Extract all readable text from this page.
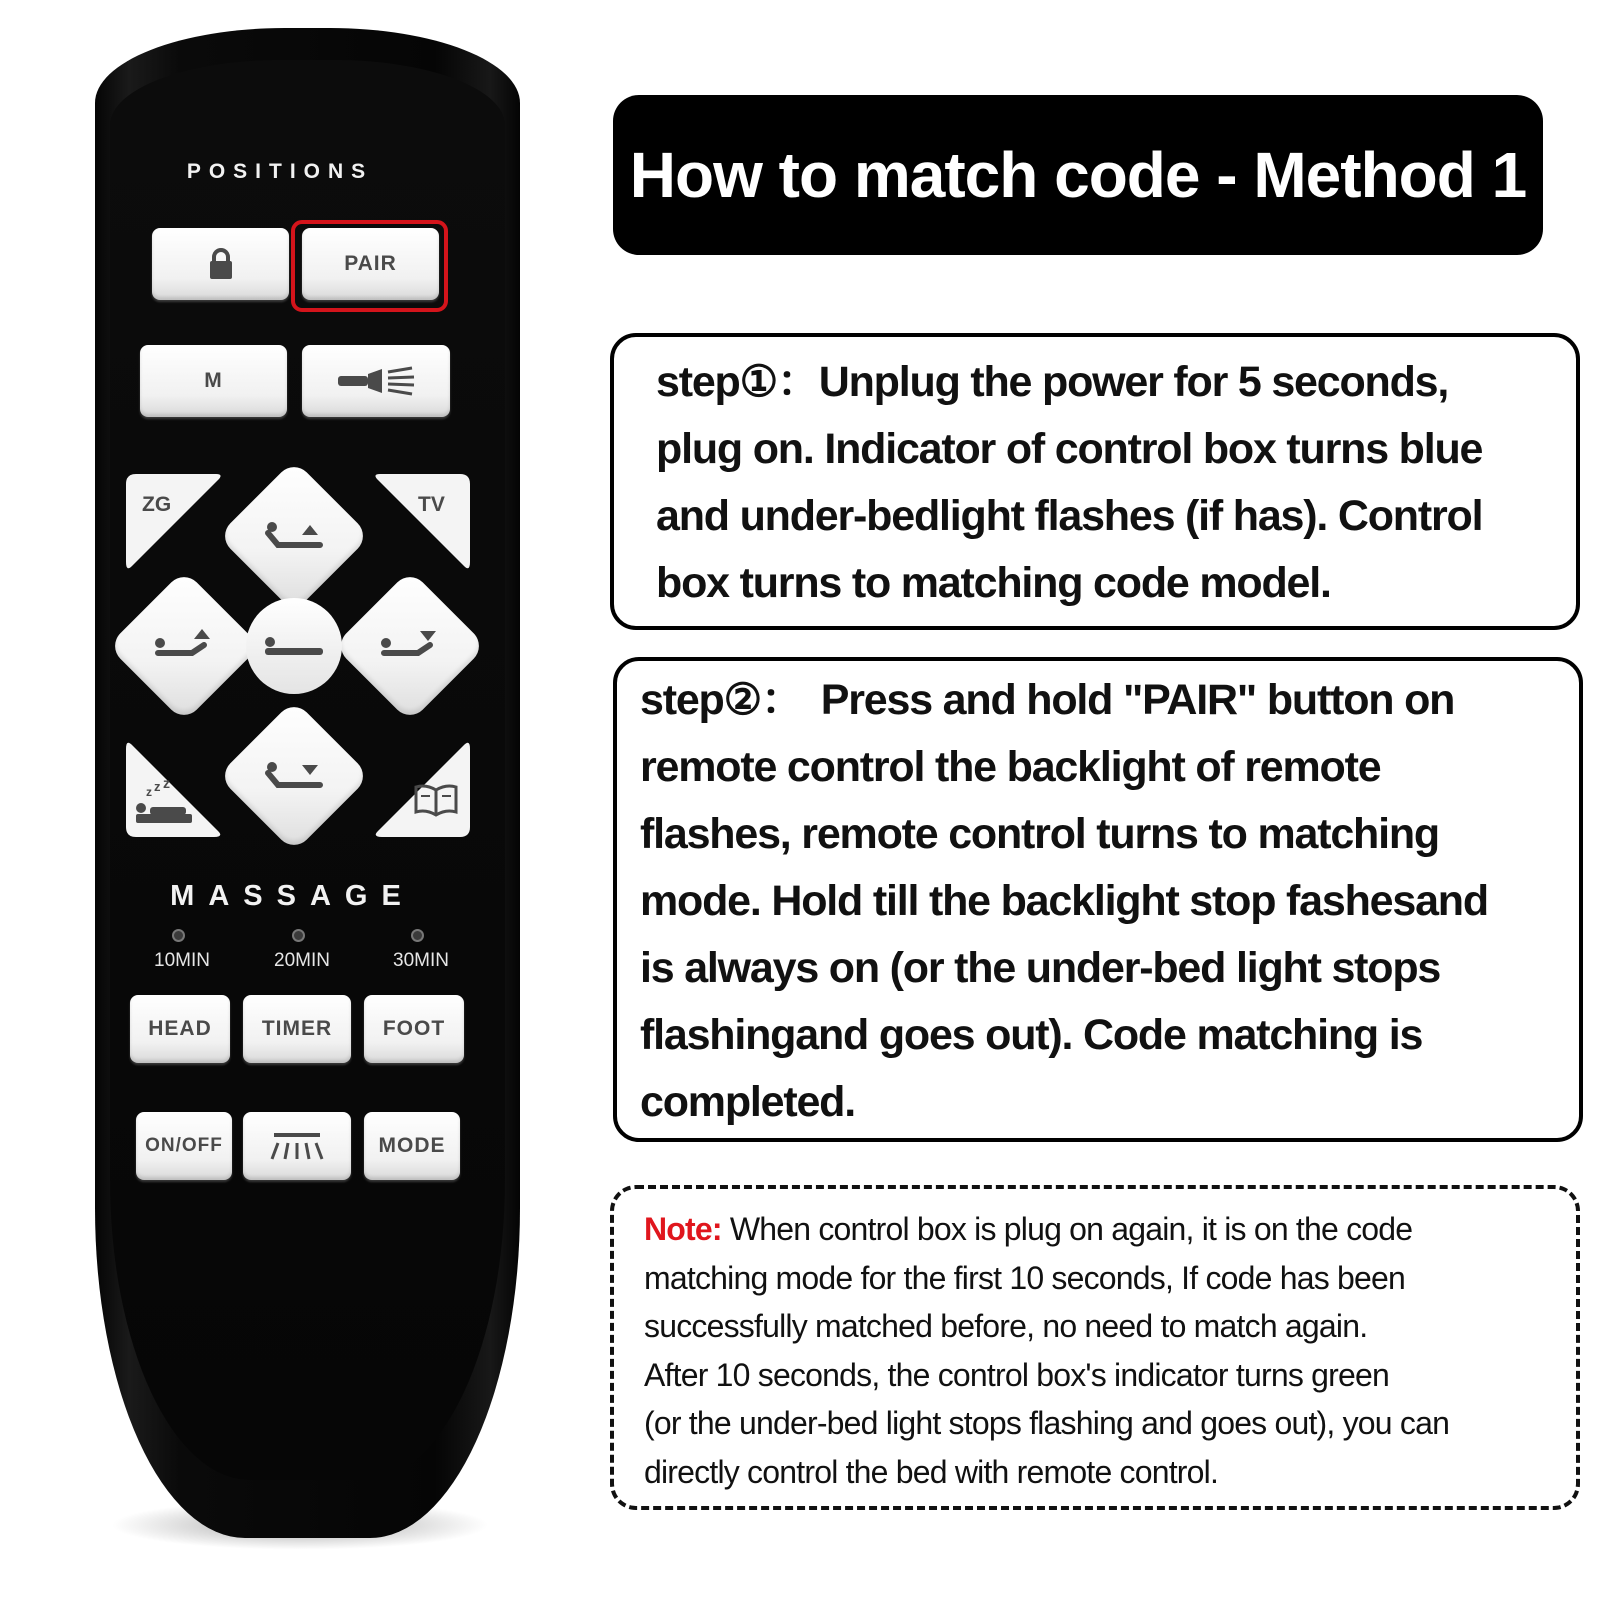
POSITIONS
PAIR
M
ZG	TV
z z z
MASSAGE
10MIN	20MIN	30MIN
HEAD TIMER FOOT
ON/OFF	MODE
How to match code - Method 1

step①：Unplug the power for 5 seconds,
plug on. Indicator of control box turns blue
and under-bedlight flashes (if has). Control
box turns to matching code model.

step②： Press and hold "PAIR" button on
remote control the backlight of remote
flashes, remote control turns to matching
mode. Hold till the backlight stop fashesand
is always on (or the under-bed light stops
flashingand goes out). Code matching is
completed.

Note: When control box is plug on again, it is on the code
matching mode for the first 10 seconds, If code has been
successfully matched before, no need to match again.
After 10 seconds, the control box's indicator turns green
(or the under-bed light stops flashing and goes out), you can
directly control the bed with remote control.
